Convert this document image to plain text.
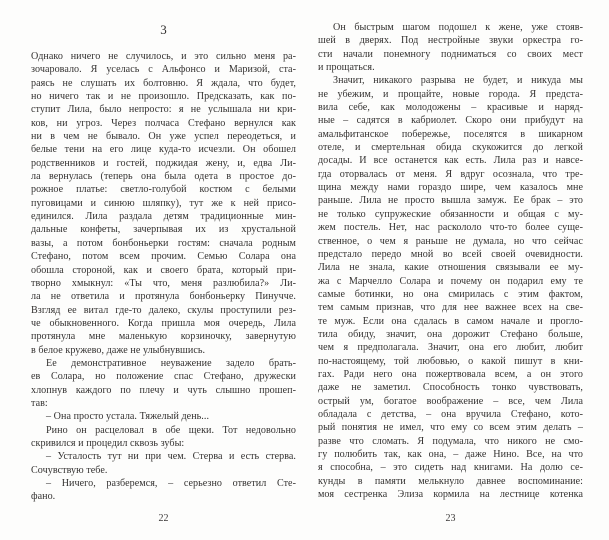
3
Однако ничего не случилось, и это сильно меня ра-
зочаровало. Я уселась с Альфонсо и Маризой, ста-
раясь не слушать их болтовню. Я ждала, что будет,
но ничего так и не произошло. Предсказать, как по-
ступит Лила, было непросто: я не услышала ни кри-
ков, ни угроз. Через полчаса Стефано вернулся как
ни в чем не бывало. Он уже успел переодеться, и
белые тени на его лице куда-то исчезли. Он обошел
родственников и гостей, поджидая жену, и, едва Ли-
ла вернулась (теперь она была одета в простое до-
рожное платье: светло-голубой костюм с белыми
пуговицами и синюю шляпку), тут же к ней присо-
единился. Лила раздала детям традиционные мин-
дальные конфеты, зачерпывая их из хрустальной
вазы, а потом бонбоньерки гостям: сначала родным
Стефано, потом всем прочим. Семью Солара она
обошла стороной, как и своего брата, который при-
творно хмыкнул: «Ты что, меня разлюбила?» Ли-
ла не ответила и протянула бонбоньерку Пинучче.
Взгляд ее витал где-то далеко, скулы проступили рез-
че обыкновенного. Когда пришла моя очередь, Лила
протянула мне маленькую корзиночку, завернутую
в белое кружево, даже не улыбнувшись.
Ее демонстративное неуважение задело брать-
ев Солара, но положение спас Стефано, дружески
хлопнув каждого по плечу и чуть слышно прошеп-
тав:
– Она просто устала. Тяжелый день...
Рино он расцеловал в обе щеки. Тот недовольно
скривился и процедил сквозь зубы:
– Усталость тут ни при чем. Стерва и есть стерва.
Сочувствую тебе.
– Ничего, разберемся, – серьезно ответил Сте-
фано.
22
Он быстрым шагом подошел к жене, уже стояв-
шей в дверях. Под нестройные звуки оркестра го-
сти начали понемногу подниматься со своих мест
и прощаться.
Значит, никакого разрыва не будет, и никуда мы
не убежим, и прощайте, новые города. Я предста-
вила себе, как молодожены – красивые и наряд-
ные – садятся в кабриолет. Скоро они прибудут на
амальфитанское побережье, поселятся в шикарном
отеле, и смертельная обида скукожится до легкой
досады. И все останется как есть. Лила раз и навсе-
гда оторвалась от меня. Я вдруг осознала, что тре-
щина между нами гораздо шире, чем казалось мне
раньше. Лила не просто вышла замуж. Ее брак – это
не только супружеские обязанности и общая с му-
жем постель. Нет, нас раскололо что-то более суще-
ственное, о чем я раньше не думала, но что сейчас
предстало передо мной во всей своей очевидности.
Лила не знала, какие отношения связывали ее му-
жа с Марчелло Солара и почему он подарил ему те
самые ботинки, но она смирилась с этим фактом,
тем самым признав, что для нее важнее всех на све-
те муж. Если она сдалась в самом начале и прогло-
тила обиду, значит, она дорожит Стефано больше,
чем я предполагала. Значит, она его любит, любит
по-настоящему, той любовью, о какой пишут в кни-
гах. Ради него она пожертвовала всем, а он этого
даже не заметил. Способность тонко чувствовать,
острый ум, богатое воображение – все, чем Лила
обладала с детства, – она вручила Стефано, кото-
рый понятия не имел, что ему со всем этим делать –
разве что сломать. Я подумала, что никого не смо-
гу полюбить так, как она, – даже Нино. Все, на что
я способна, – это сидеть над книгами. На долю се-
кунды в памяти мелькнуло давнее воспоминание:
моя сестренка Элиза кормила на лестнице котенка
23
